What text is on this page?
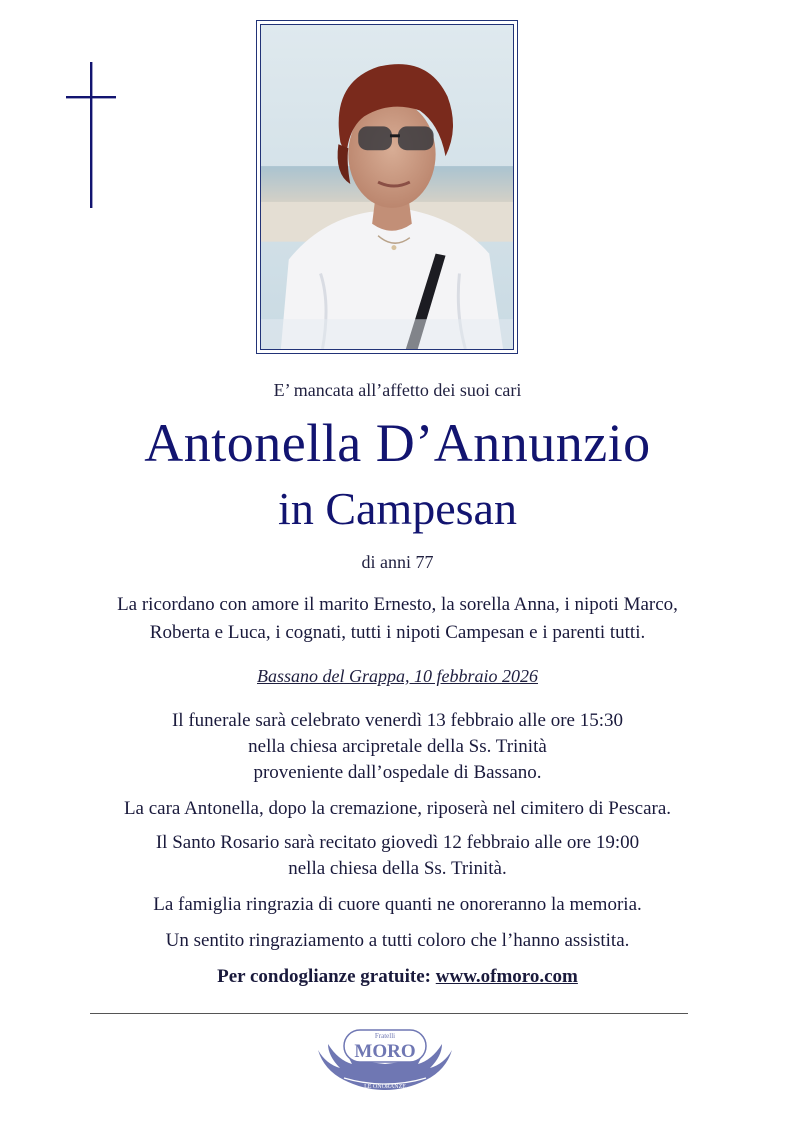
E’ mancata all’affetto dei suoi cari
Antonella D’Annunzio
in Campesan
di anni 77
La ricordano con amore il marito Ernesto, la sorella Anna, i nipoti Marco,
Roberta e Luca, i cognati, tutti i nipoti Campesan e i parenti tutti.
Bassano del Grappa, 10 febbraio 2026
Il funerale sarà celebrato venerdì 13 febbraio alle ore 15:30
nella chiesa arcipretale della Ss. Trinità
proveniente dall’ospedale di Bassano.
La cara Antonella, dopo la cremazione, riposerà nel cimitero di Pescara.
Il Santo Rosario sarà recitato giovedì 12 febbraio alle ore 19:00
nella chiesa della Ss. Trinità.
La famiglia ringrazia di cuore quanti ne onoreranno la memoria.
Un sentito ringraziamento a tutti coloro che l’hanno assistita.
Per condoglianze gratuite: www.ofmoro.com
Fratelli
MORO
LE ONORANZE
